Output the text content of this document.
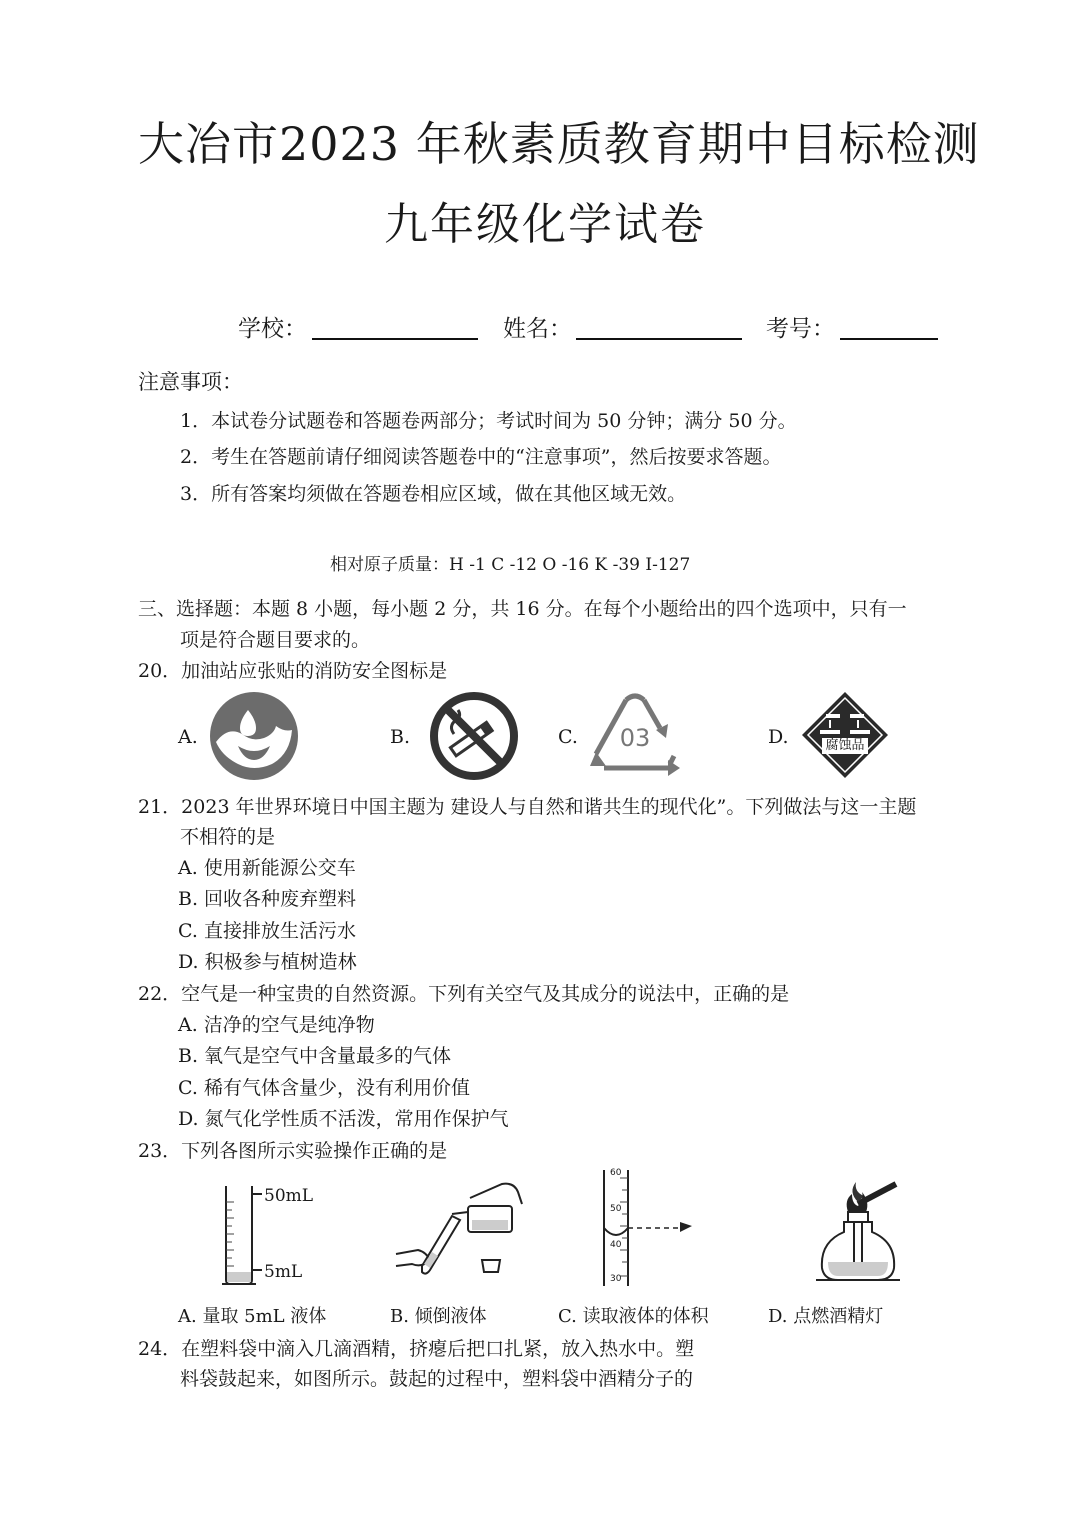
大冶市2023 年秋素质教育期中目标检测
九年级化学试卷
学校：	姓名：	考号：
注意事项：
1．本试卷分试题卷和答题卷两部分；考试时间为 50 分钟；满分 50 分。
2．考生在答题前请仔细阅读答题卷中的“注意事项”，然后按要求答题。
3．所有答案均须做在答题卷相应区域，做在其他区域无效。
相对原子质量：H -1 C -12 O -16 K -39 I-127
三、选择题：本题 8 小题，每小题 2 分，共 16 分。在每个小题给出的四个选项中，只有一
项是符合题目要求的。
20．加油站应张贴的消防安全图标是
A.	B.	C. 03	D.	腐蚀品
21．2023 年世界环境日中国主题为 建设人与自然和谐共生的现代化”。下列做法与这一主题
不相符的是
A. 使用新能源公交车
B. 回收各种废弃塑料
C. 直接排放生活污水
D. 积极参与植树造林
22．空气是一种宝贵的自然资源。下列有关空气及其成分的说法中，正确的是
A. 洁净的空气是纯净物
B. 氧气是空气中含量最多的气体
C. 稀有气体含量少，没有利用价值
D. 氮气化学性质不活泼，常用作保护气
23．下列各图所示实验操作正确的是
50mL
5mL
60
50
40
30
A. 量取 5mL 液体	B. 倾倒液体	C. 读取液体的体积	D. 点燃酒精灯
24．在塑料袋中滴入几滴酒精，挤瘪后把口扎紧，放入热水中。塑
料袋鼓起来，如图所示。鼓起的过程中，塑料袋中酒精分子的
